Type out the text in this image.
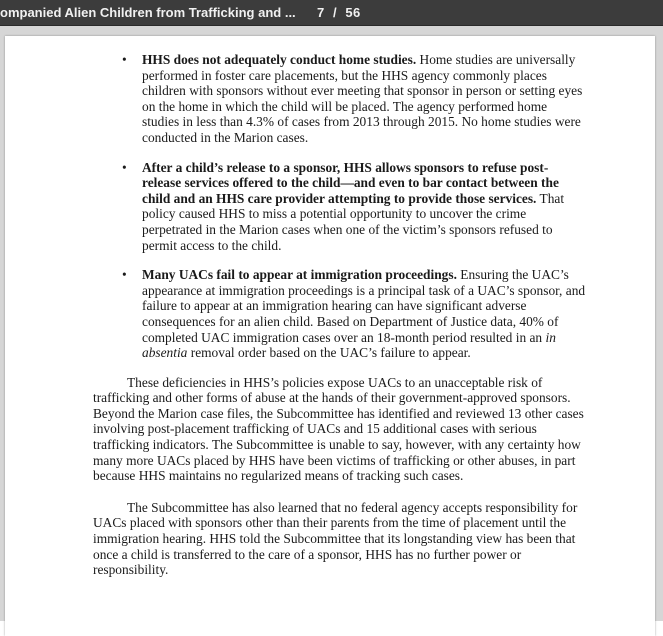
ompanied Alien Children from Trafficking and ... 7 / 56
• HHS does not adequately conduct home studies. Home studies are universally performed in foster care placements, but the HHS agency commonly places children with sponsors without ever meeting that sponsor in person or setting eyes on the home in which the child will be placed. The agency performed home studies in less than 4.3% of cases from 2013 through 2015. No home studies were conducted in the Marion cases.
• After a child’s release to a sponsor, HHS allows sponsors to refuse post-release services offered to the child—and even to bar contact between the child and an HHS care provider attempting to provide those services. That policy caused HHS to miss a potential opportunity to uncover the crime perpetrated in the Marion cases when one of the victim’s sponsors refused to permit access to the child.
• Many UACs fail to appear at immigration proceedings. Ensuring the UAC’s appearance at immigration proceedings is a principal task of a UAC’s sponsor, and failure to appear at an immigration hearing can have significant adverse consequences for an alien child. Based on Department of Justice data, 40% of completed UAC immigration cases over an 18-month period resulted in an in absentia removal order based on the UAC’s failure to appear.

These deficiencies in HHS’s policies expose UACs to an unacceptable risk of trafficking and other forms of abuse at the hands of their government-approved sponsors. Beyond the Marion case files, the Subcommittee has identified and reviewed 13 other cases involving post-placement trafficking of UACs and 15 additional cases with serious trafficking indicators. The Subcommittee is unable to say, however, with any certainty how many more UACs placed by HHS have been victims of trafficking or other abuses, in part because HHS maintains no regularized means of tracking such cases.

The Subcommittee has also learned that no federal agency accepts responsibility for UACs placed with sponsors other than their parents from the time of placement until the immigration hearing. HHS told the Subcommittee that its longstanding view has been that once a child is transferred to the care of a sponsor, HHS has no further power or responsibility.
